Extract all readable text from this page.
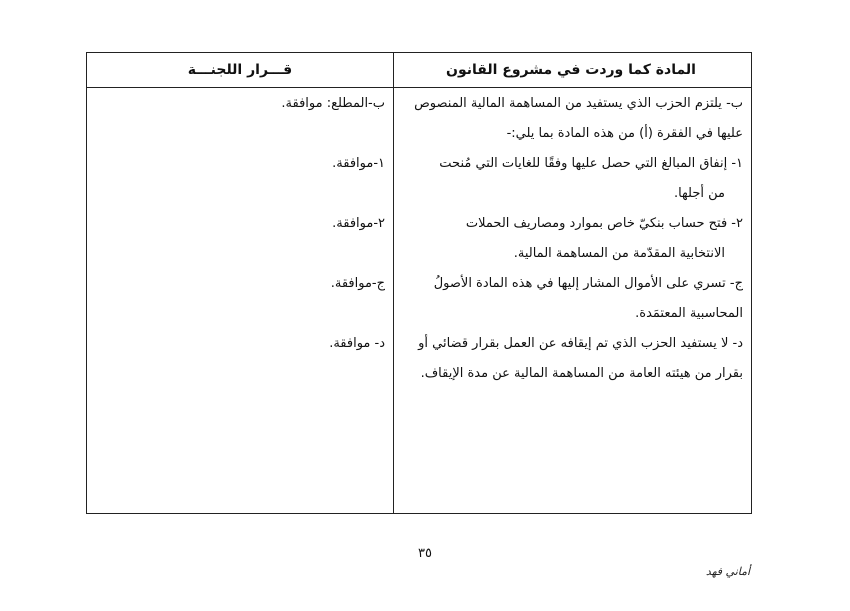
المادة كما وردت في مشروع القانون
قـــرار اللجنـــة
ب- يلتزم الحزب الذي يستفيد من المساهمة المالية المنصوص
عليها في الفقرة (أ) من هذه المادة بما يلي:-
١- إنفاق المبالغ التي حصل عليها وفقًا للغايات التي مُنحت
من أجلها.
٢- فتح حساب بنكيّ خاص بموارد ومصاريف الحملات
الانتخابية المقدّمة من المساهمة المالية.
ج- تسري على الأموال المشار إليها في هذه المادة الأصولُ
المحاسبية المعتمَدة.
د- لا يستفيد الحزب الذي تم إيقافه عن العمل بقرار قضائي أو
بقرار من هيئته العامة من المساهمة المالية عن مدة الإيقاف.
ب-المطلع: موافقة.
١-موافقة.
٢-موافقة.
ج-موافقة.
د- موافقة.
٣٥
أماني فهد
